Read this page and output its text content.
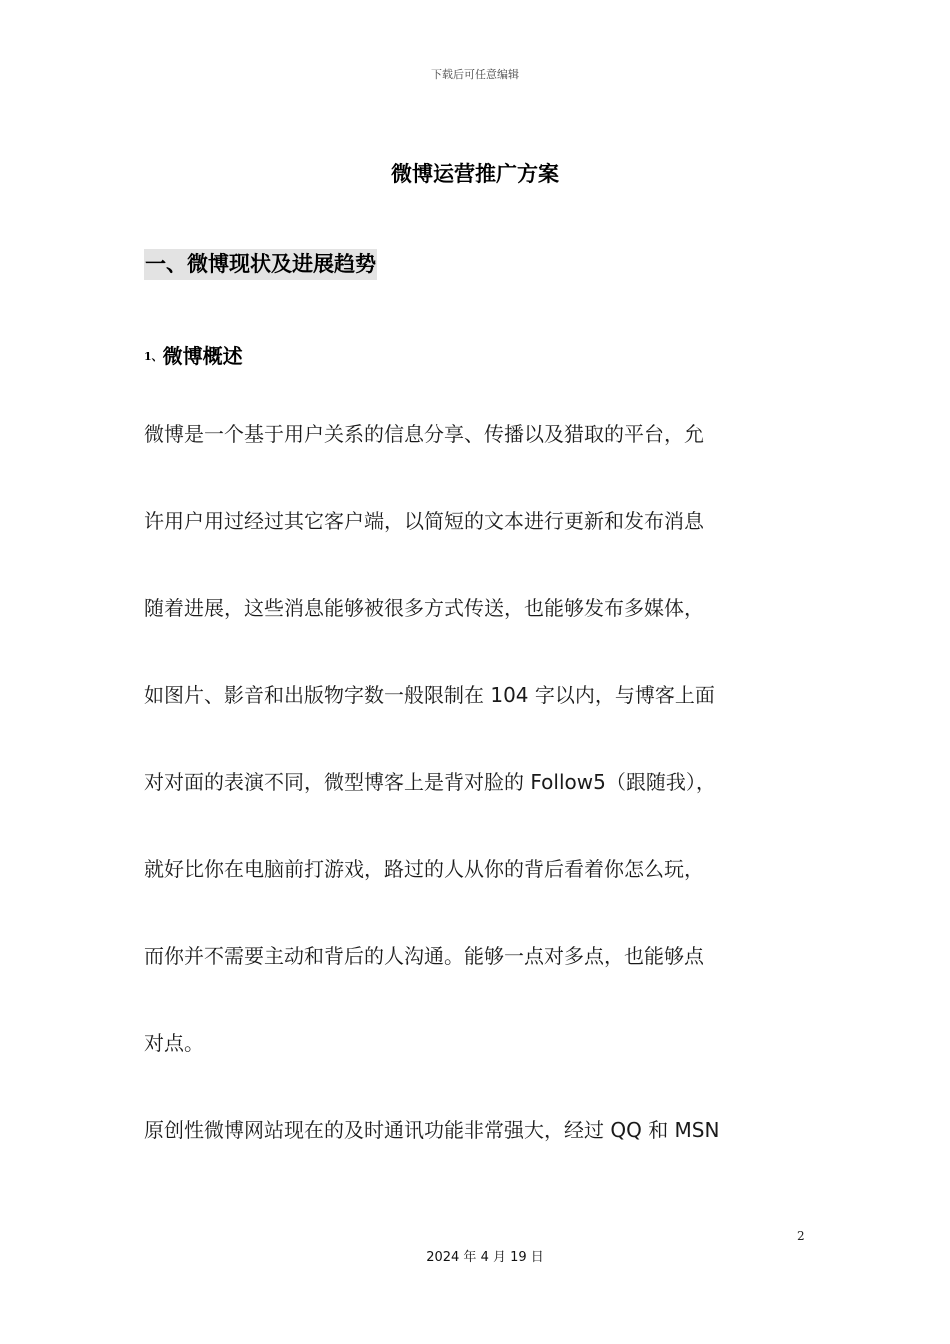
下载后可任意编辑
微博运营推广方案
一、微博现状及进展趋势
1、微博概述
微博是一个基于用户关系的信息分享、传播以及猎取的平台，允
许用户用过经过其它客户端，以简短的文本进行更新和发布消息
随着进展，这些消息能够被很多方式传送，也能够发布多媒体，
如图片、影音和出版物字数一般限制在 104 字以内，与博客上面
对对面的表演不同，微型博客上是背对脸的 Follow5（跟随我），
就好比你在电脑前打游戏，路过的人从你的背后看着你怎么玩，
而你并不需要主动和背后的人沟通。能够一点对多点，也能够点
对点。
原创性微博网站现在的及时通讯功能非常强大，经过 QQ 和 MSN
2
2024 年 4 月 19 日
